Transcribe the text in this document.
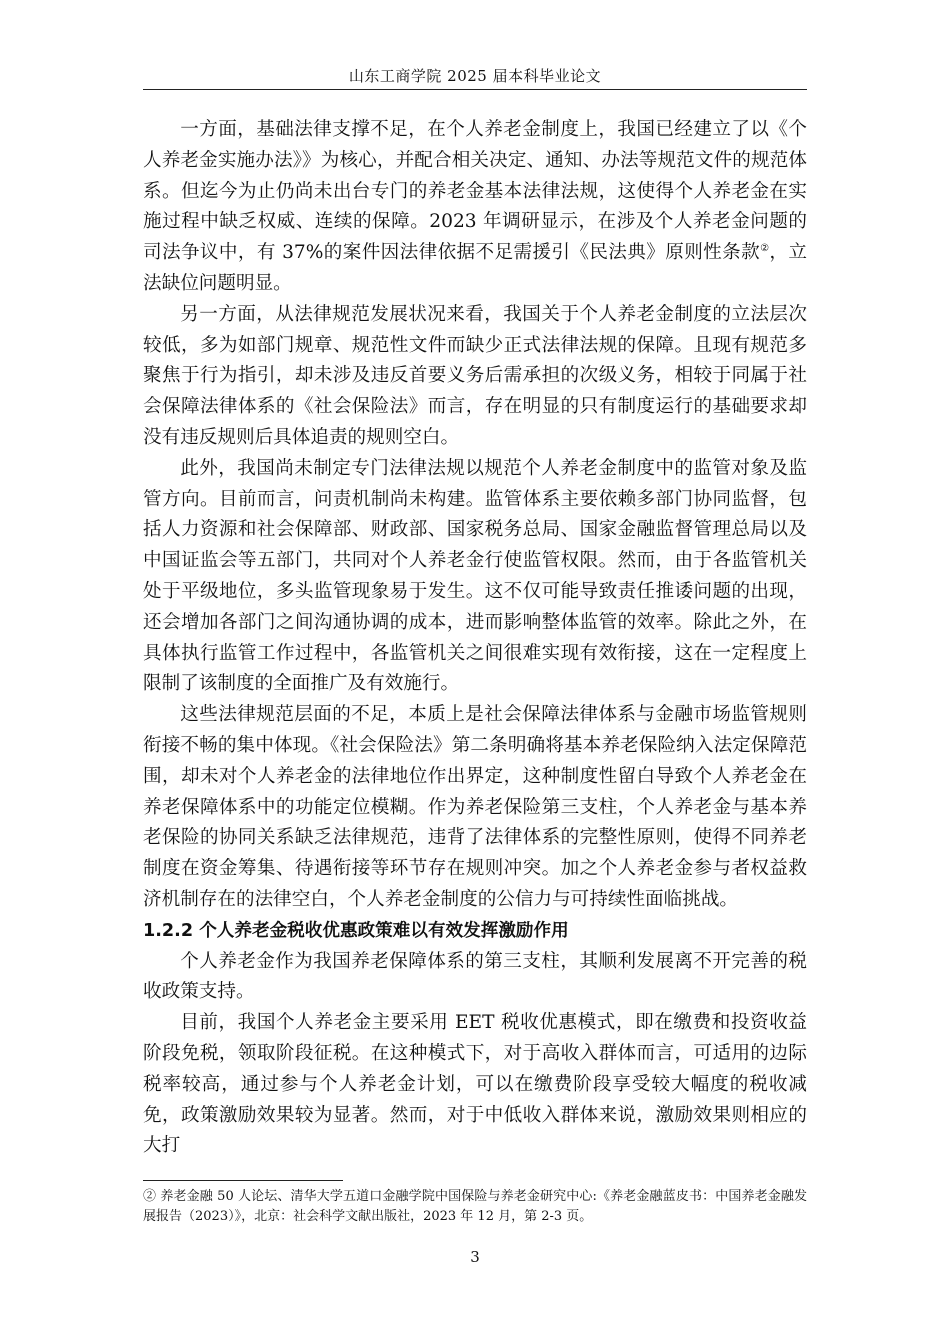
山东工商学院 2025 届本科毕业论文

一方面，基础法律支撑不足，在个人养老金制度上，我国已经建立了以《个人养老金实施办法》》为核心，并配合相关决定、通知、办法等规范文件的规范体系。但迄今为止仍尚未出台专门的养老金基本法律法规，这使得个人养老金在实施过程中缺乏权威、连续的保障。2023 年调研显示，在涉及个人养老金问题的司法争议中，有 37%的案件因法律依据不足需援引《民法典》原则性条款②，立法缺位问题明显。

另一方面，从法律规范发展状况来看，我国关于个人养老金制度的立法层次较低，多为如部门规章、规范性文件而缺少正式法律法规的保障。且现有规范多聚焦于行为指引，却未涉及违反首要义务后需承担的次级义务，相较于同属于社会保障法律体系的《社会保险法》而言，存在明显的只有制度运行的基础要求却没有违反规则后具体追责的规则空白。

此外，我国尚未制定专门法律法规以规范个人养老金制度中的监管对象及监管方向。目前而言，问责机制尚未构建。监管体系主要依赖多部门协同监督，包括人力资源和社会保障部、财政部、国家税务总局、国家金融监督管理总局以及中国证监会等五部门，共同对个人养老金行使监管权限。然而，由于各监管机关处于平级地位，多头监管现象易于发生。这不仅可能导致责任推诿问题的出现，还会增加各部门之间沟通协调的成本，进而影响整体监管的效率。除此之外，在具体执行监管工作过程中，各监管机关之间很难实现有效衔接，这在一定程度上限制了该制度的全面推广及有效施行。

这些法律规范层面的不足，本质上是社会保障法律体系与金融市场监管规则衔接不畅的集中体现。《社会保险法》第二条明确将基本养老保险纳入法定保障范围，却未对个人养老金的法律地位作出界定，这种制度性留白导致个人养老金在养老保障体系中的功能定位模糊。作为养老保险第三支柱，个人养老金与基本养老保险的协同关系缺乏法律规范，违背了法律体系的完整性原则，使得不同养老制度在资金筹集、待遇衔接等环节存在规则冲突。加之个人养老金参与者权益救济机制存在的法律空白，个人养老金制度的公信力与可持续性面临挑战。

1.2.2 个人养老金税收优惠政策难以有效发挥激励作用

个人养老金作为我国养老保障体系的第三支柱，其顺利发展离不开完善的税收政策支持。

目前，我国个人养老金主要采用 EET 税收优惠模式，即在缴费和投资收益阶段免税，领取阶段征税。在这种模式下，对于高收入群体而言，可适用的边际税率较高，通过参与个人养老金计划，可以在缴费阶段享受较大幅度的税收减免，政策激励效果较为显著。然而，对于中低收入群体来说，激励效果则相应的大打

② 养老金融 50 人论坛、清华大学五道口金融学院中国保险与养老金研究中心:《养老金融蓝皮书：中国养老金融发展报告（2023）》，北京：社会科学文献出版社，2023 年 12 月，第 2-3 页。
3
